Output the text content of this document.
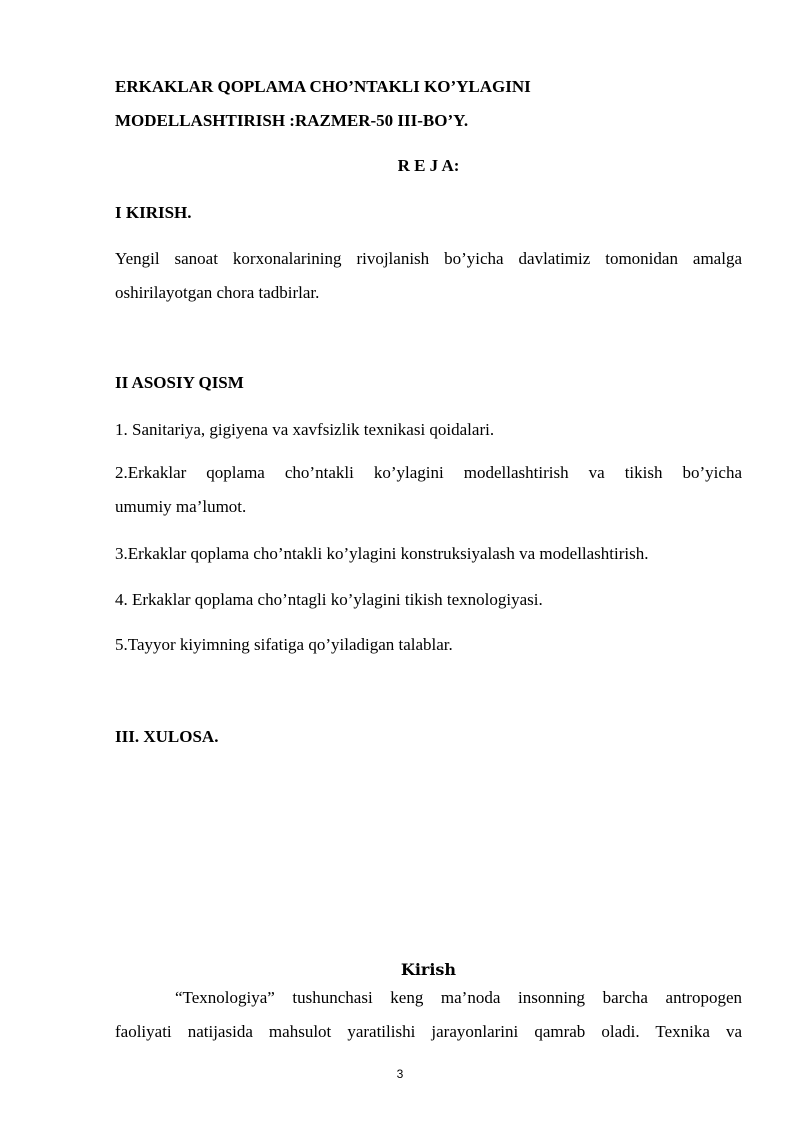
ERKAKLAR QOPLAMA CHO’NTAKLI KO’YLAGINI
MODELLASHTIRISH :RAZMER-50 III-BO’Y.
R E J A:
I KIRISH.
Yengil sanoat korxonalarining rivojlanish bo’yicha davlatimiz tomonidan amalga
oshirilayotgan chora tadbirlar.
II ASOSIY QISM
1. Sanitariya, gigiyena va xavfsizlik texnikasi qoidalari.
2.Erkaklar qoplama cho’ntakli ko’ylagini modellashtirish va tikish bo’yicha
umumiy ma’lumot.
3.Erkaklar qoplama cho’ntakli ko’ylagini konstruksiyalash va modellashtirish.
4. Erkaklar qoplama cho’ntagli ko’ylagini tikish texnologiyasi.
5.Tayyor kiyimning sifatiga qo’yiladigan talablar.
III. XULOSA.
Kirish
“Texnologiya” tushunchasi keng ma’noda insonning barcha antropogen
faoliyati natijasida mahsulot yaratilishi jarayonlarini qamrab oladi. Texnika va
3
